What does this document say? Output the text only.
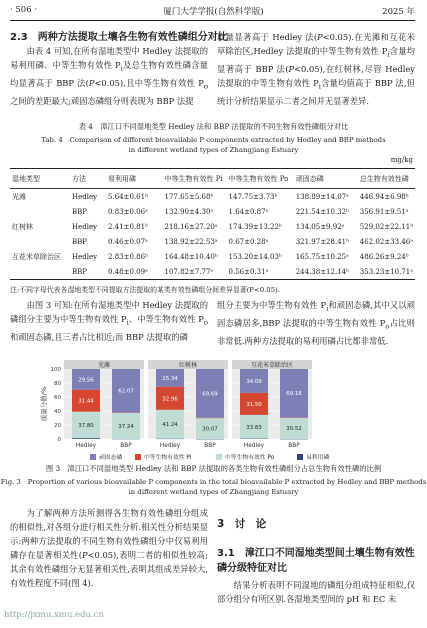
· 506 ·	厦门大学学报(自然科学版)	2025 年
2.3　两种方法提取土壤各生物有效性磷组分对比

由表 4 可知,在所有湿地类型中 Hedley 法提取的易利用磷、中等生物有效性 $P_i$及总生物有效性磷含量均显著高于 BBP 法(P<0.05),且中等生物有效性 $P_o$之间的差距最大;顽固态磷组分则表现为 BBP 法提

取量显著高于 Hedley 法(P<0.05).在光滩和互花米草除治区,Hedley 法提取的中等生物有效性 $P_i$含量均显著高于 BBP 法(P<0.05),在红树林,尽管 Hedley 法提取的中等生物有效性 $P_i$含量均值高于 BBP 法,但统计分析结果显示二者之间并无显著差异.

表 4　漳江口不同湿地类型 Hedley 法和 BBP 法提取的不同生物有效性磷组分对比
Tab. 4　Comparison of different bioavailable P components extracted by Hedley and BBP methods
in different wetland types of Zhangjiang Estuary
mg/kg
湿地类型	方法	易利用磷	中等生物有效性 Pi	中等生物有效性 Po	顽固态磷	总生物有效性磷
光滩	Hedley	5.64±0.61ᵇ	177.65±5.68ᵇ	147.75±3.73ᵇ	138.89±14.07ᵃ	446.94±6.98ᵇ
	BBP	0.83±0.06ᵃ	132.90±4.30ᵃ	1.64±0.87ᵃ	221.54±10.32ᵇ	356.91±9.51ᵃ
红树林	Hedley	2.41±0.81ᵇ	218.16±27.20ᵃ	174.39±13.22ᵇ	134.05±9.92ᵃ	529.02±22.11ᵇ
	BBP	0.46±0.07ᵃ	138.92±22.53ᵃ	0.67±0.28ᵃ	321.97±28.41ᵇ	462.02±33.46ᵃ
互花米草除治区	Hedley	2.83±0.86ᵇ	164.48±10.40ᵇ	153.20±14.03ᵇ	165.75±10.25ᵃ	486.26±9.24ᵇ
	BBP	0.48±0.09ᵃ	107.82±7.77ᵃ	0.56±0.31ᵃ	244.38±12.14ᵇ	353.23±10.71ᵃ
注:不同字母代表各湿地类型不同提取方法提取的某类有效性磷组分间差异显著(P<0.05).

由图 3 可知:在所有湿地类型中 Hedley 法提取的磷组分主要为中等生物有效性 $P_i$、中等生物有效性 $P_o$和顽固态磷,且三者占比相近;而 BBP 法提取的磷

组分主要为中等生物有效性 $P_i$和顽固态磷,其中又以顽固态磷居多,BBP 法提取的中等生物有效性 $P_o$占比则非常低.两种方法提取的易利用磷占比都非常低.

质量分数/%
0
20
40
60
80
100
光滩
37.80
31.44
29.56
Hedley
37.24
62.07
BBP
红树林
41.24
32.96
25.34
Hedley
30.07
69.69
BBP
互花米草除治区
33.83
31.50
34.09
Hedley
30.52
69.18
BBP
顽固态磷	中等生物有效性 Pi	中等生物有效性 Po	易利用磷
图 3　漳江口不同湿地类型 Hedley 法和 BBP 法提取的各类生物有效性磷组分占总生物有效性磷的比例
Fig. 3　Proportion of various bioavailable P components in the total bioavailable P extracted by Hedley and BBP methods
in different wetland types of Zhangjiang Estuary

为了解两种方法所测得各生物有效性磷组分组成的相似性,对各组分进行相关性分析.相关性分析结果显示:两种方法提取的不同生物有效性磷组分中仅易利用磷存在显著相关性(P<0.05),表明二者的相似性较高;其余有效性磷组分无显著相关性,表明其组成差异较大,有效性程度不同(图 4).

3　讨　论
3.1　漳江口不同湿地类型间土壤生物有效性磷分级特征对比

结果分析表明不同湿地的磷组分组成特征相似,仅部分组分有所区别.各湿地类型间的 pH 和 EC 未

http://jxmu.xmu.edu.cn
